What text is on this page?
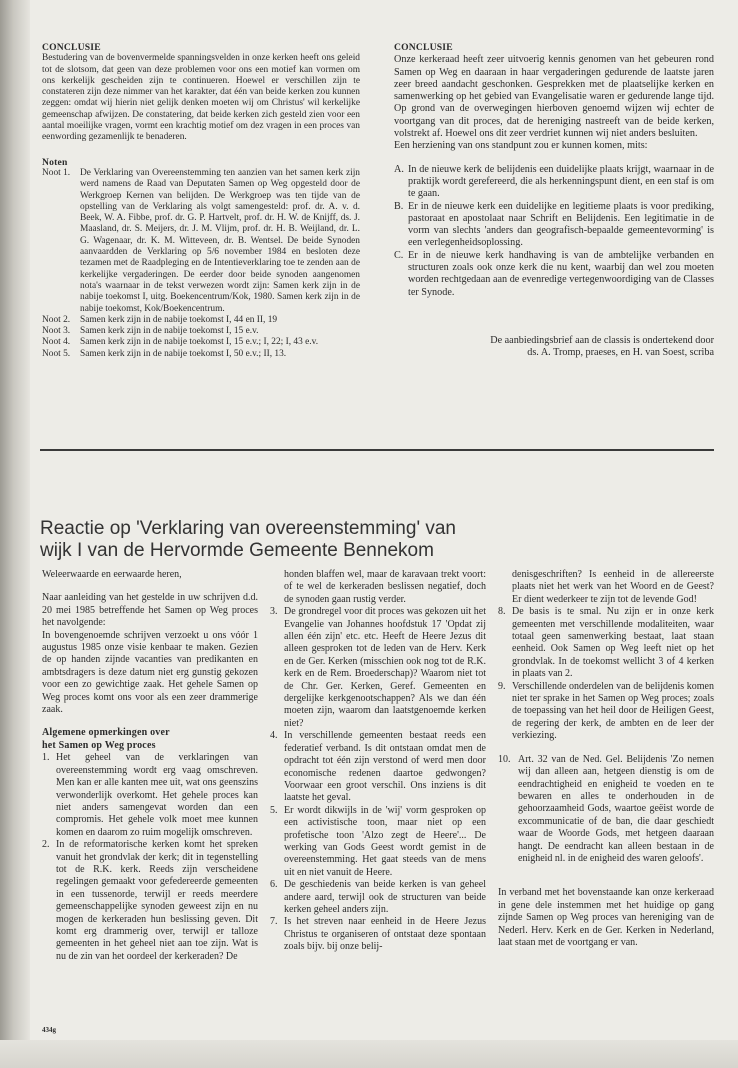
CONCLUSIE

Bestudering van de bovenvermelde spanningsvelden in onze kerken heeft ons geleid tot de slotsom, dat geen van deze problemen voor ons een motief kan vormen om ons kerkelijk gescheiden zijn te continueren. Hoewel er verschillen zijn te constateren zijn deze nimmer van het karakter, dat één van beide kerken zou kunnen zeggen: omdat wij hierin niet gelijk denken moeten wij om Christus' wil kerkelijke gemeenschap afwijzen. De constatering, dat beide kerken zich gesteld zien voor een aantal moeilijke vragen, vormt een krachtig motief om dez vragen in een proces van eenwording gezamenlijk te benaderen.

Noten

Noot 1. De Verklaring van Overeenstemming ten aanzien van het samen kerk zijn werd namens de Raad van Deputaten Samen op Weg opgesteld door de Werkgroep Kernen van belijden. De Werkgroep was ten tijde van de opstelling van de Verklaring als volgt samengesteld: prof. dr. A. v. d. Beek, W. A. Fibbe, prof. dr. G. P. Hartvelt, prof. dr. H. W. de Knijff, ds. J. Maasland, dr. S. Meijers, dr. J. M. Vlijm, prof. dr. H. B. Weijland, dr. L. G. Wagenaar, dr. K. M. Witteveen, dr. B. Wentsel. De beide Synoden aanvaardden de Verklaring op 5/6 november 1984 en besloten deze tezamen met de Raadpleging en de Intentieverklaring toe te zenden aan de kerkelijke vergaderingen. De eerder door beide synoden aangenomen nota's waarnaar in de tekst verwezen wordt zijn: Samen kerk zijn in de nabije toekomst I, uitg. Boekencentrum/Kok, 1980. Samen kerk zijn in de nabije toekomst, Kok/Boekencentrum.

Noot 2. Samen kerk zijn in de nabije toekomst I, 44 en II, 19

Noot 3. Samen kerk zijn in de nabije toekomst I, 15 e.v.

Noot 4. Samen kerk zijn in de nabije toekomst I, 15 e.v.; I, 22; I, 43 e.v.

Noot 5. Samen kerk zijn in de nabije toekomst I, 50 e.v.; II, 13.

CONCLUSIE

Onze kerkeraad heeft zeer uitvoerig kennis genomen van het gebeuren rond Samen op Weg en daaraan in haar vergaderingen gedurende de laatste jaren zeer breed aandacht geschonken. Gesprekken met de plaatselijke kerken en samenwerking op het gebied van Evangelisatie waren er gedurende lange tijd. Op grond van de overwegingen hierboven genoemd wijzen wij echter de voortgang van dit proces, dat de hereniging nastreeft van de beide kerken, volstrekt af. Hoewel ons dit zeer verdriet kunnen wij niet anders besluiten.

Een herziening van ons standpunt zou er kunnen komen, mits:

A. In de nieuwe kerk de belijdenis een duidelijke plaats krijgt, waarnaar in de praktijk wordt gerefereerd, die als herkenningspunt dient, en een staf is om te gaan.

B. Er in de nieuwe kerk een duidelijke en legitieme plaats is voor prediking, pastoraat en apostolaat naar Schrift en Belijdenis. Een legitimatie in de vorm van slechts 'anders dan geografisch-bepaalde gemeentevorming' is een verlegenheidsoplossing.

C. Er in de nieuwe kerk handhaving is van de ambtelijke verbanden en structuren zoals ook onze kerk die nu kent, waarbij dan wel zou moeten worden rechtgedaan aan de evenredige vertegenwoordiging van de Classes ter Synode.

De aanbiedingsbrief aan de classis is ondertekend door

ds. A. Tromp, praeses, en H. van Soest, scriba

Reactie op 'Verklaring van overeenstemming' van
wijk I van de Hervormde Gemeente Bennekom

Weleerwaarde en eerwaarde heren,

Naar aanleiding van het gestelde in uw schrijven d.d. 20 mei 1985 betreffende het Samen op Weg proces het navolgende:

In bovengenoemde schrijven verzoekt u ons vóór 1 augustus 1985 onze visie kenbaar te maken. Gezien de op handen zijnde vacanties van predikanten en ambtsdragers is deze datum niet erg gunstig gekozen voor een zo gewichtige zaak. Het gehele Samen op Weg proces komt ons voor als een zeer drammerige zaak.

Algemene opmerkingen over

het Samen op Weg proces

1. Het geheel van de verklaringen van overeenstemming wordt erg vaag omschreven. Men kan er alle kanten mee uit, wat ons geenszins verwonderlijk overkomt. Het gehele proces kan niet anders samengevat worden dan een compromis. Het gehele volk moet mee kunnen komen en daarom zo ruim mogelijk omschreven.

2. In de reformatorische kerken komt het spreken vanuit het grondvlak der kerk; dit in tegenstelling tot de R.K. kerk. Reeds zijn verscheidene regelingen gemaakt voor gefedereerde gemeenten in een tussenorde, terwijl er reeds meerdere gemeenschappelijke synoden geweest zijn en nu mogen de kerkeraden hun beslissing geven. Dit komt erg drammerig over, terwijl er talloze gemeenten in het geheel niet aan toe zijn. Wat is nu de zin van het oordeel der kerkeraden? De

honden blaffen wel, maar de karavaan trekt voort: of te wel de kerkeraden beslissen negatief, doch de synoden gaan rustig verder.

3. De grondregel voor dit proces was gekozen uit het Evangelie van Johannes hoofdstuk 17 'Opdat zij allen één zijn' etc. etc. Heeft de Heere Jezus dit alleen gesproken tot de leden van de Herv. Kerk en de Ger. Kerken (misschien ook nog tot de R.K. kerk en de Rem. Broederschap)? Waarom niet tot de Chr. Ger. Kerken, Geref. Gemeenten en dergelijke kerkgenootschappen? Als we dan één moeten zijn, waarom dan laatstgenoemde kerken niet?

4. In verschillende gemeenten bestaat reeds een federatief verband. Is dit ontstaan omdat men de opdracht tot één zijn verstond of werd men door economische redenen daartoe gedwongen? Voorwaar een groot verschil. Ons inziens is dit laatste het geval.

5. Er wordt dikwijls in de 'wij' vorm gesproken op een activistische toon, maar niet op een profetische toon 'Alzo zegt de Heere'... De werking van Gods Geest wordt gemist in de overeenstemming. Het gaat steeds van de mens uit en niet vanuit de Heere.

6. De geschiedenis van beide kerken is van geheel andere aard, terwijl ook de structuren van beide kerken geheel anders zijn.

7. Is het streven naar eenheid in de Heere Jezus Christus te organiseren of ontstaat deze spontaan zoals bijv. bij onze belij-

denisgeschriften? Is eenheid in de allereerste plaats niet het werk van het Woord en de Geest? Er dient wederkeer te zijn tot de levende God!

8. De basis is te smal. Nu zijn er in onze kerk gemeenten met verschillende modaliteiten, waar totaal geen samenwerking bestaat, laat staan eenheid. Ook Samen op Weg leeft niet op het grondvlak. In de toekomst wellicht 3 of 4 kerken in plaats van 2.

9. Verschillende onderdelen van de belijdenis komen niet ter sprake in het Samen op Weg proces; zoals de toepassing van het heil door de Heiligen Geest, de regering der kerk, de ambten en de leer der verkiezing.

10. Art. 32 van de Ned. Gel. Belijdenis 'Zo nemen wij dan alleen aan, hetgeen dienstig is om de eendrachtigheid en enigheid te voeden en te bewaren en alles te onderhouden in de gehoorzaamheid Gods, waartoe geëist worde de excommunicatie of de ban, die daar geschiedt waar de Woorde Gods, met hetgeen daaraan hangt. De eendracht kan alleen bestaan in de enigheid nl. in de enigheid des waren geloofs'.

In verband met het bovenstaande kan onze kerkeraad in gene dele instemmen met het huidige op gang zijnde Samen op Weg proces van hereniging van de Nederl. Herv. Kerk en de Ger. Kerken in Nederland, laat staan met de voortgang er van.

434g
